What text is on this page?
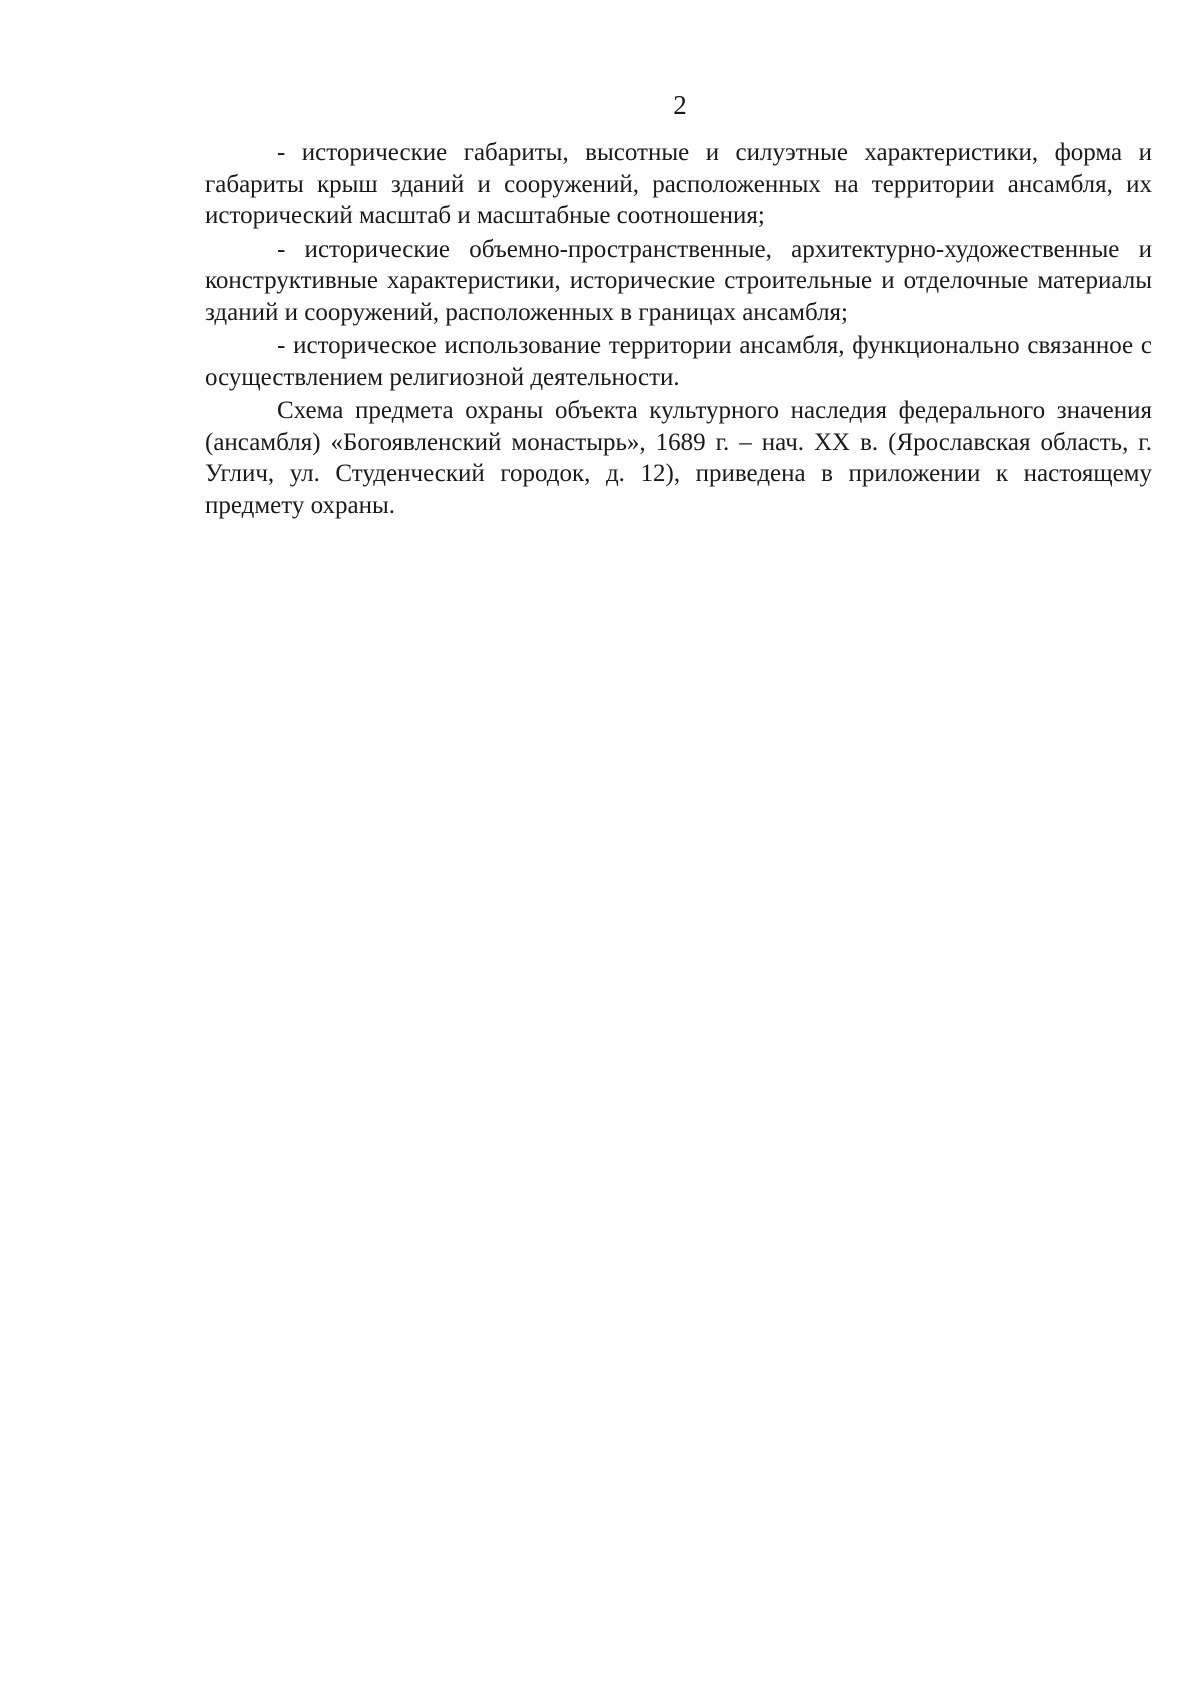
2

- исторические габариты, высотные и силуэтные характеристики, форма и габариты крыш зданий и сооружений, расположенных на территории ансамбля, их исторический масштаб и масштабные соотношения;

- исторические объемно-пространственные, архитектурно-художественные и конструктивные характеристики, исторические строительные и отделочные материалы зданий и сооружений, расположенных в границах ансамбля;

- историческое использование территории ансамбля, функционально связанное с осуществлением религиозной деятельности.

Схема предмета охраны объекта культурного наследия федерального значения (ансамбля) «Богоявленский монастырь», 1689 г. – нач. XX в. (Ярославская область, г. Углич, ул. Студенческий городок, д. 12), приведена в приложении к настоящему предмету охраны.
